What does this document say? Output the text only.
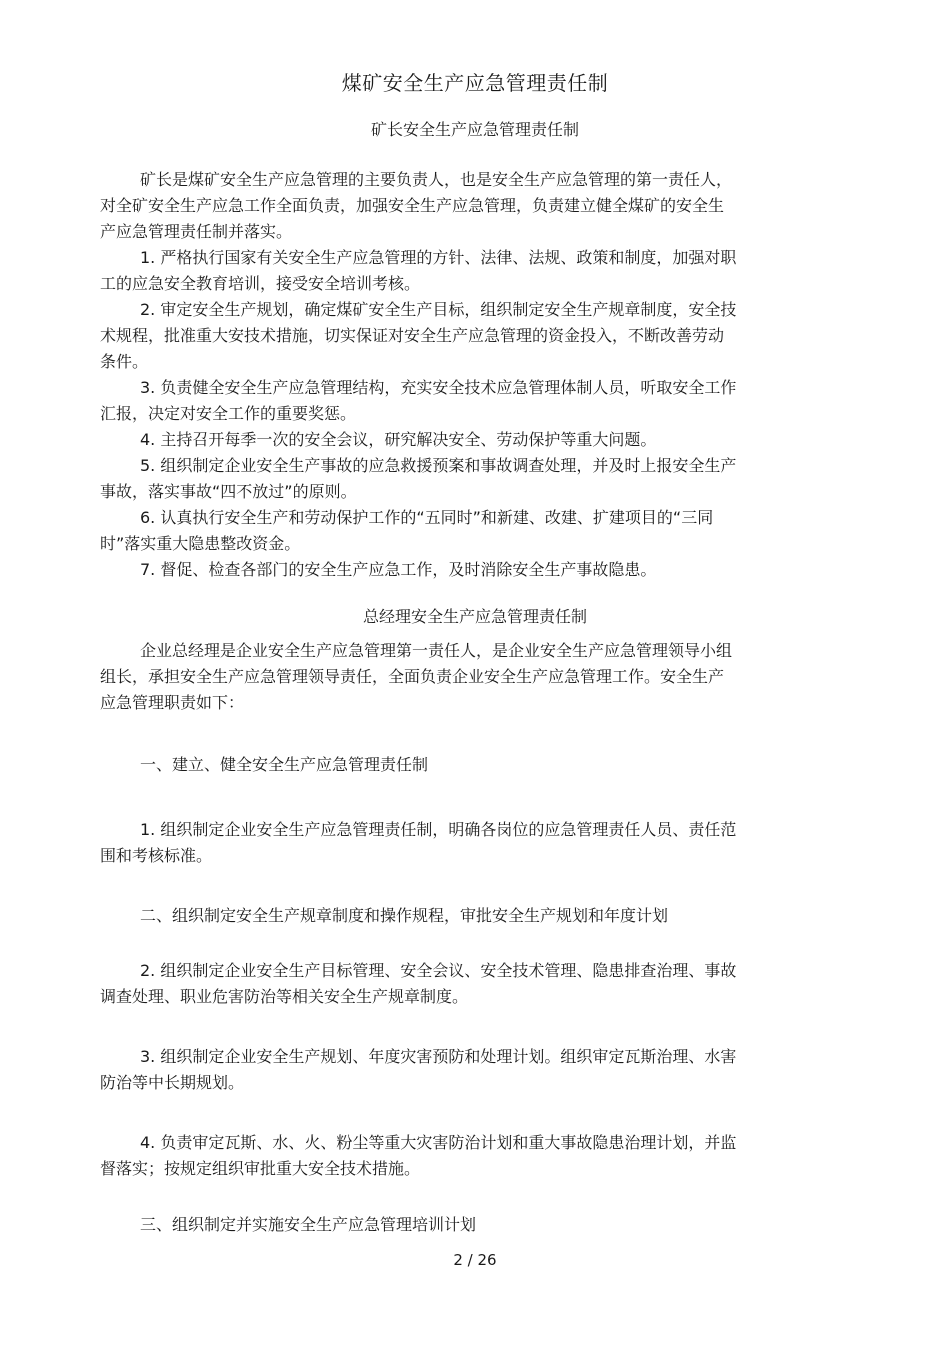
煤矿安全生产应急管理责任制
矿长安全生产应急管理责任制
矿长是煤矿安全生产应急管理的主要负责人，也是安全生产应急管理的第一责任人，
对全矿安全生产应急工作全面负责，加强安全生产应急管理，负责建立健全煤矿的安全生
产应急管理责任制并落实。
1. 严格执行国家有关安全生产应急管理的方针、法律、法规、政策和制度，加强对职
工的应急安全教育培训，接受安全培训考核。
2. 审定安全生产规划，确定煤矿安全生产目标，组织制定安全生产规章制度，安全技
术规程，批准重大安技术措施，切实保证对安全生产应急管理的资金投入，不断改善劳动
条件。
3. 负责健全安全生产应急管理结构，充实安全技术应急管理体制人员，听取安全工作
汇报，决定对安全工作的重要奖惩。
4. 主持召开每季一次的安全会议，研究解决安全、劳动保护等重大问题。
5. 组织制定企业安全生产事故的应急救援预案和事故调查处理，并及时上报安全生产
事故，落实事故“四不放过”的原则。
6. 认真执行安全生产和劳动保护工作的“五同时”和新建、改建、扩建项目的“三同
时”落实重大隐患整改资金。
7. 督促、检查各部门的安全生产应急工作，及时消除安全生产事故隐患。
总经理安全生产应急管理责任制
企业总经理是企业安全生产应急管理第一责任人，是企业安全生产应急管理领导小组
组长，承担安全生产应急管理领导责任，全面负责企业安全生产应急管理工作。安全生产
应急管理职责如下：
一、建立、健全安全生产应急管理责任制
1. 组织制定企业安全生产应急管理责任制，明确各岗位的应急管理责任人员、责任范
围和考核标准。
二、组织制定安全生产规章制度和操作规程，审批安全生产规划和年度计划
2. 组织制定企业安全生产目标管理、安全会议、安全技术管理、隐患排查治理、事故
调查处理、职业危害防治等相关安全生产规章制度。
3. 组织制定企业安全生产规划、年度灾害预防和处理计划。组织审定瓦斯治理、水害
防治等中长期规划。
4. 负责审定瓦斯、水、火、粉尘等重大灾害防治计划和重大事故隐患治理计划，并监
督落实；按规定组织审批重大安全技术措施。
三、组织制定并实施安全生产应急管理培训计划
2 / 26
